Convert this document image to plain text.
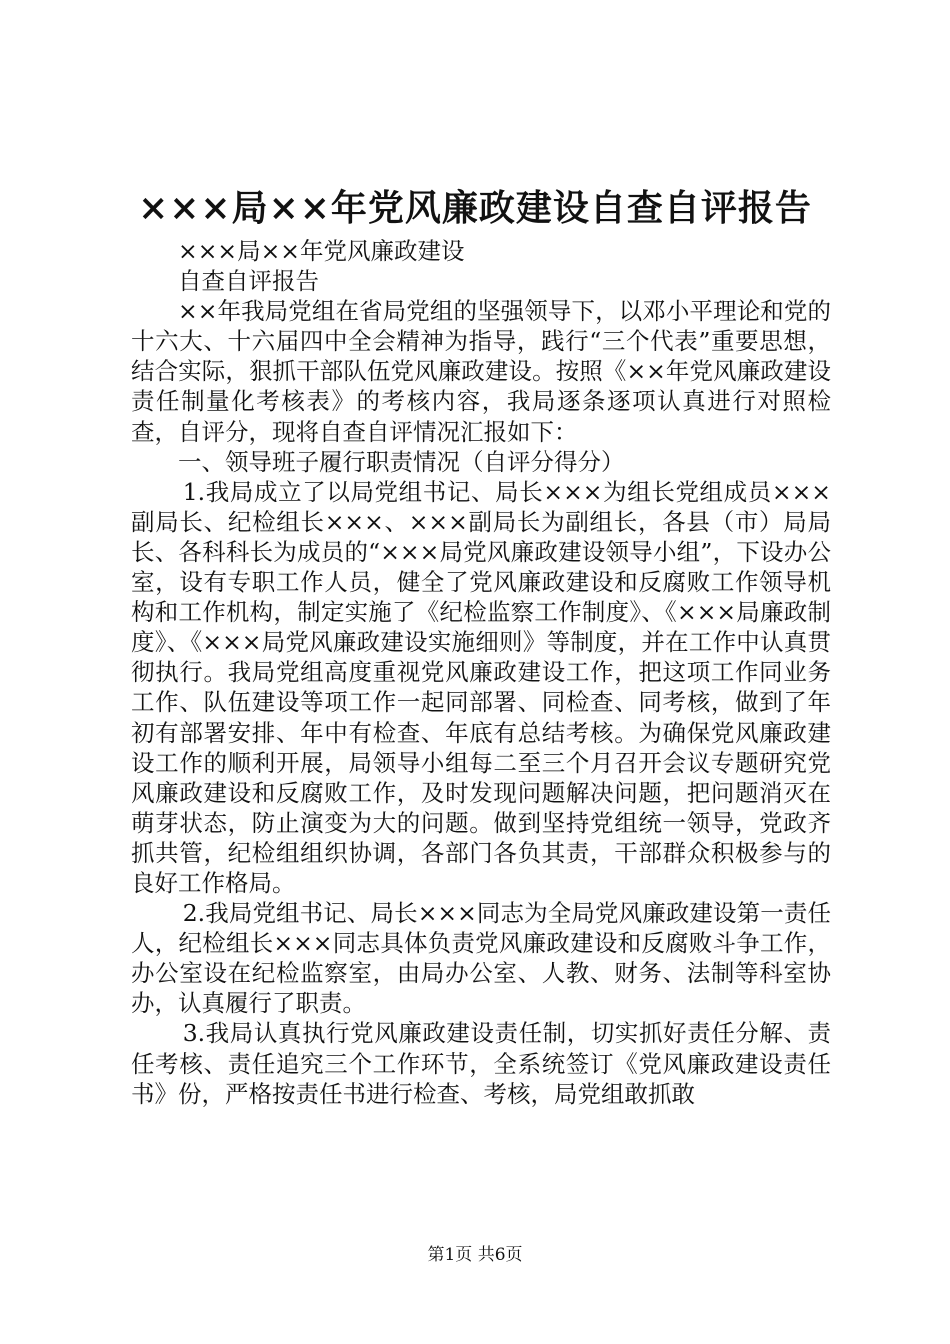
×××局××年党风廉政建设自查自评报告

×××局××年党风廉政建设

自查自评报告

××年我局党组在省局党组的坚强领导下，以邓小平理论和党的十六大、十六届四中全会精神为指导，践行“三个代表”重要思想，结合实际，狠抓干部队伍党风廉政建设。按照《××年党风廉政建设责任制量化考核表》的考核内容，我局逐条逐项认真进行对照检查，自评分，现将自查自评情况汇报如下：

一、领导班子履行职责情况（自评分得分）

1.我局成立了以局党组书记、局长×××为组长党组成员×××副局长、纪检组长×××、×××副局长为副组长，各县（市）局局长、各科科长为成员的“×××局党风廉政建设领导小组”，下设办公室，设有专职工作人员，健全了党风廉政建设和反腐败工作领导机构和工作机构，制定实施了《纪检监察工作制度》、《×××局廉政制度》、《×××局党风廉政建设实施细则》等制度，并在工作中认真贯彻执行。我局党组高度重视党风廉政建设工作，把这项工作同业务工作、队伍建设等项工作一起同部署、同检查、同考核，做到了年初有部署安排、年中有检查、年底有总结考核。为确保党风廉政建设工作的顺利开展，局领导小组每二至三个月召开会议专题研究党风廉政建设和反腐败工作，及时发现问题解决问题，把问题消灭在萌芽状态，防止演变为大的问题。做到坚持党组统一领导，党政齐抓共管，纪检组组织协调，各部门各负其责，干部群众积极参与的良好工作格局。

2.我局党组书记、局长×××同志为全局党风廉政建设第一责任人，纪检组长×××同志具体负责党风廉政建设和反腐败斗争工作，办公室设在纪检监察室，由局办公室、人教、财务、法制等科室协办，认真履行了职责。

3.我局认真执行党风廉政建设责任制，切实抓好责任分解、责任考核、责任追究三个工作环节，全系统签订《党风廉政建设责任书》份，严格按责任书进行检查、考核，局党组敢抓敢

第1页 共6页
